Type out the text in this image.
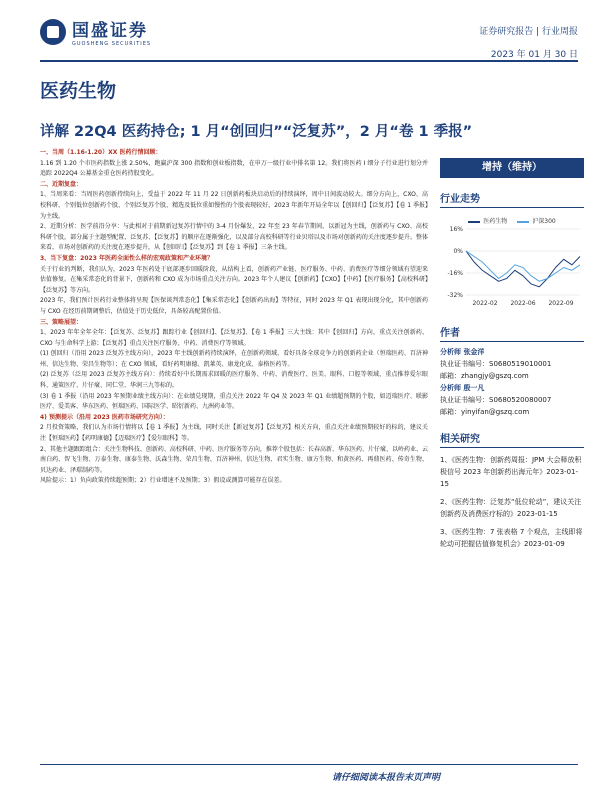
国盛证券
GUOSHENG SECURITIES
证券研究报告 | 行业周报
2023 年 01 月 30 日
医药生物
详解 22Q4 医药持仓; 1 月“创回归”“泛复苏”，2 月“卷 1 季报”

一、当周（1.16-1.20）XX 医药行情回顾：

1.16 到 1.20 个市医药指数上涨 2.50%，跑赢沪深 300 指数和创业板指数，在申万一级行业中排名第 12。我们将医药 I 细分子行业进行划分并追踪 2022Q4 公募基金重仓医药持股变化。

二、近期复盘：

1、当周来看：当周医药创新持续向上，受益于 2022 年 11 月 22 日创新药板块启动后的持续演绎，周中日间波动较大。细分方向上，CXO、高校科研、个别低位创新药个股、个别泛复苏个股、精选及低位重如慢性的个股表现较好，2023 年新年开局全年以【创回归】【泛复苏】【卷 1 季报】为主线。

2、近期分析：医学前沿分享：与此相对于前期新冠复苏行情中的 3-4 月份爆发，22 年至 23 年春节期间，以新冠为主线，创新药与 CXO、高校科研个股，部分属于主题型配置，泛复苏、【泛复苏】的顺序在逐渐强化，以及部分高校科研等行业贝塔以及市场对创新药的关注度逐步提升。整体来看，市场对创新药的关注度在逐步提升，从【创回归】【泛复苏】到【卷 1 季报】三条主线。

3、当下复盘：2023 年医药全面性么样的宏观政策和产业环境？

关于行业的判断，我们认为，2023 年医药处于底部逐步回暖阶段，从结构上看，创新药产业链、医疗服务、中药、消费医疗等细分领域有望迎来估值修复。在集采常态化的背景下，创新药和 CXO 成为市场重点关注方向。2023 年个人建议【创新药】【CXO】【中药】【医疗服务】【高校科研】【泛复苏】等方向。

2023 年，我们预计医药行业整体将呈现【医保谈判常态化】【集采常态化】【创新药出海】等特征，同时 2023 年 Q1 表现出现分化，其中创新药与 CXO 在经历前期调整后，估值处于历史低位，具备较高配置价值。

三、策略展望：

1、2023 年年全年全年：【泛复苏、泛复苏】跟踪行业【创回归】、【泛复苏】、【卷 1 季报】三大主线：其中【创回归】方向，重点关注创新药、CXO 与生命科学上游；【泛复苏】重点关注医疗服务、中药、消费医疗等领域。

(1) 创回归（沿用 2023 泛复苏主线方向），2023 年主线创新药持续演绎，在创新药领域，看好具备全球竞争力的创新药企业（恒瑞医药、百济神州、信达生物、荣昌生物等）；在 CXO 领域，看好药明康德、凯莱英、康龙化成、泰格医药等。

(2) 泛复苏（泛用 2023 泛复苏主线方向）：持续看好中长期需求回暖的医疗服务、中药、消费医疗、医美、眼科、口腔等领域，重点推荐爱尔眼科、通策医疗、片仔癀、同仁堂、华润三九等标的。

(3) 卷 1 季报（沿用 2023 年预期业绩主线方向）：在业绩兑现期，重点关注 2022 年 Q4 及 2023 年 Q1 业绩超预期的个股，如迈瑞医疗、联影医疗、爱美客、华东医药、恒瑞医药、国际医学、昭衍新药、九洲药业等。

4) 预测提示（沿用 2023 医药市场研究方向）：

2 月投资策略，我们认为市场行情将以【卷 1 季报】为主线，同时关注【新冠复苏】【泛复苏】相关方向，重点关注业绩预期较好的标的，建议关注【恒瑞医药】【药明康德】【迈瑞医疗】【爱尔眼科】等。

2、其他主题跟踪组合：关注生物科技、创新药、高校科研、中药、医疗服务等方向，推荐个股包括：长春高新、华东医药、片仔癀、以岭药业、云南白药、智飞生物、万泰生物、康泰生物、沃森生物、荣昌生物、百济神州、信达生物、君实生物、康方生物、和黄医药、再鼎医药、传奇生物、贝达药业、泽璟制药等。

风险提示：1）负向政策持续超预期；2）行业增速不及预期；3）假设或测算可能存在误差。

增持（维持）
行业走势
医药生物	沪深300
16%
0%
-16%
-32%
2022-02 2022-06 2022-09
作者
分析师 张金洋
执业证书编号：S0680519010001
邮箱：zhangjy@gszq.com
分析师 殷一凡
执业证书编号：S0680520080007
邮箱：yinyifan@gszq.com
相关研究
1、《医药生物：创新药周报：JPM 大会释放积极信号 2023 年创新药出海元年》2023-01-15
2、《医药生物：泛复苏“低位轮动”，建议关注创新药及消费医疗标的》2023-01-15
3、《医药生物：7 张表格 7 个观点，主线即将轮动可把握估值修复机会》2023-01-09
请仔细阅读本报告末页声明
